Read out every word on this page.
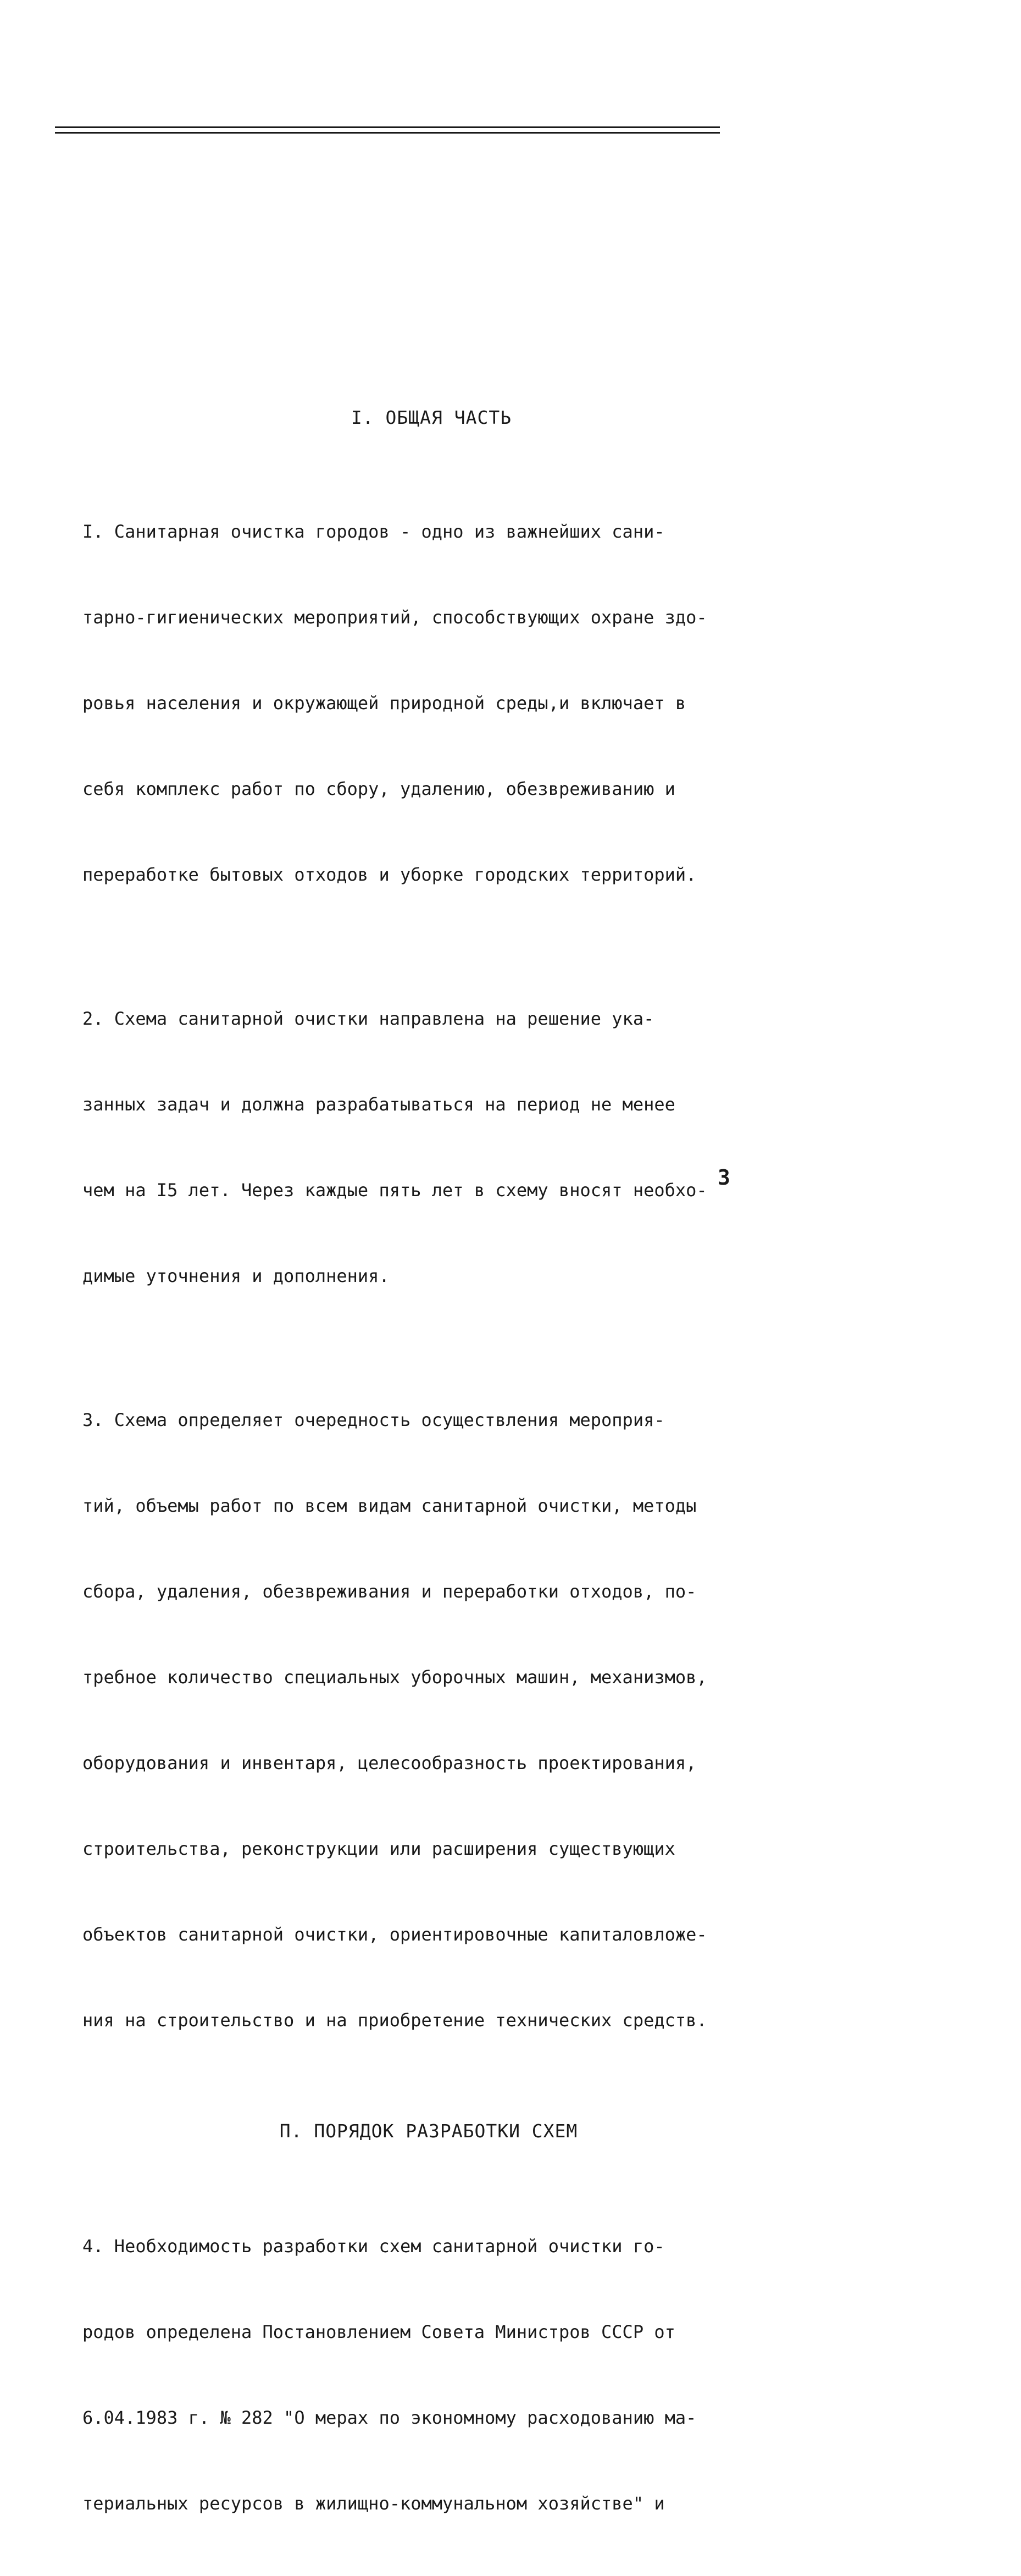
I. ОБЩАЯ ЧАСТЬ

I. Санитарная очистка городов - одно из важнейших сани-

тарно-гигиенических мероприятий, способствующих охране здо-

ровья населения и окружающей природной среды,и включает в

себя комплекс работ по сбору, удалению, обезвреживанию и

переработке бытовых отходов и уборке городских территорий.

2. Схема санитарной очистки направлена на решение ука-

занных задач и должна разрабатываться на период не менее

чем на I5 лет. Через каждые пять лет в схему вносят необхо-

димые уточнения и дополнения.

3. Схема определяет очередность осуществления мероприя-

тий, объемы работ по всем видам санитарной очистки, методы

сбора, удаления, обезвреживания и переработки отходов, по-

требное количество специальных уборочных машин, механизмов,

оборудования и инвентаря, целесообразность проектирования,

строительства, реконструкции или расширения существующих

объектов санитарной очистки, ориентировочные капиталовложе-

ния на строительство и на приобретение технических средств.

П. ПОРЯДОК РАЗРАБОТКИ СХЕМ

4. Необходимость разработки схем санитарной очистки го-

родов определена Постановлением Совета Министров СССР от

6.04.1983 г. № 282 "О мерах по экономному расходованию ма-

териальных ресурсов в жилищно-коммунальном хозяйстве" и

3
